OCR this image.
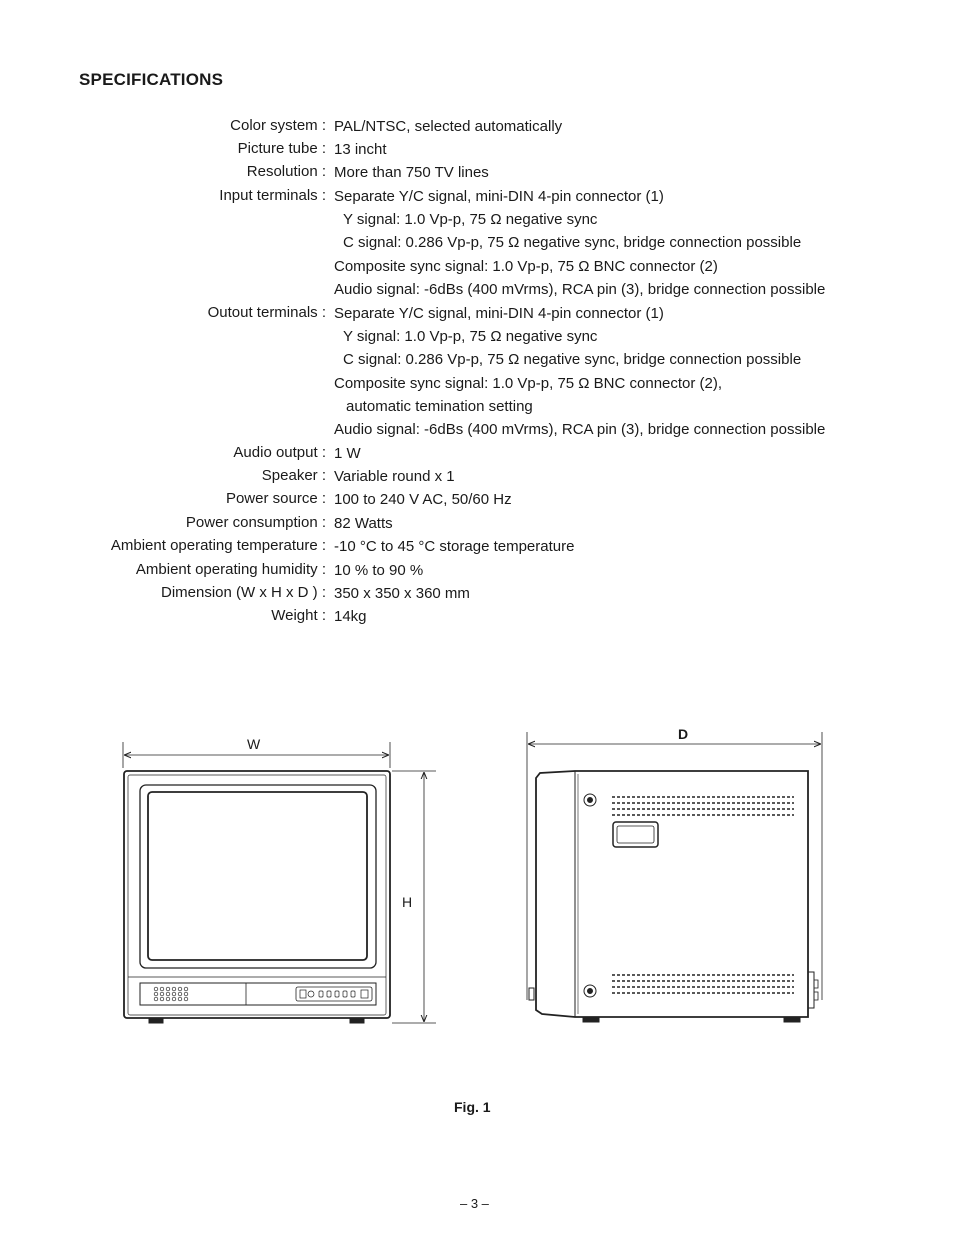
SPECIFICATIONS
Color system : PAL/NTSC, selected automatically
Picture tube : 13 incht
Resolution : More than 750 TV lines
Input terminals : Separate Y/C signal, mini-DIN 4-pin connector (1)
Y signal: 1.0 Vp-p, 75 Ω negative sync
C signal: 0.286 Vp-p, 75 Ω negative sync, bridge connection possible
Composite sync signal: 1.0 Vp-p, 75 Ω BNC connector (2)
Audio signal: -6dBs (400 mVrms), RCA pin (3), bridge connection possible
Outout terminals : Separate Y/C signal, mini-DIN 4-pin connector (1)
Y signal: 1.0 Vp-p, 75 Ω negative sync
C signal: 0.286 Vp-p, 75 Ω negative sync, bridge connection possible
Composite sync signal: 1.0 Vp-p, 75 Ω BNC connector (2),
automatic temination setting
Audio signal: -6dBs (400 mVrms), RCA pin (3), bridge connection possible
Audio output : 1 W
Speaker : Variable round x 1
Power source : 100 to 240 V AC, 50/60 Hz
Power consumption : 82 Watts
Ambient operating temperature : -10 °C to 45 °C storage temperature
Ambient operating humidity : 10 % to 90 %
Dimension (W x H x D ) : 350 x 350 x 360 mm
Weight : 14kg
W
H
D
Fig. 1
– 3 –
